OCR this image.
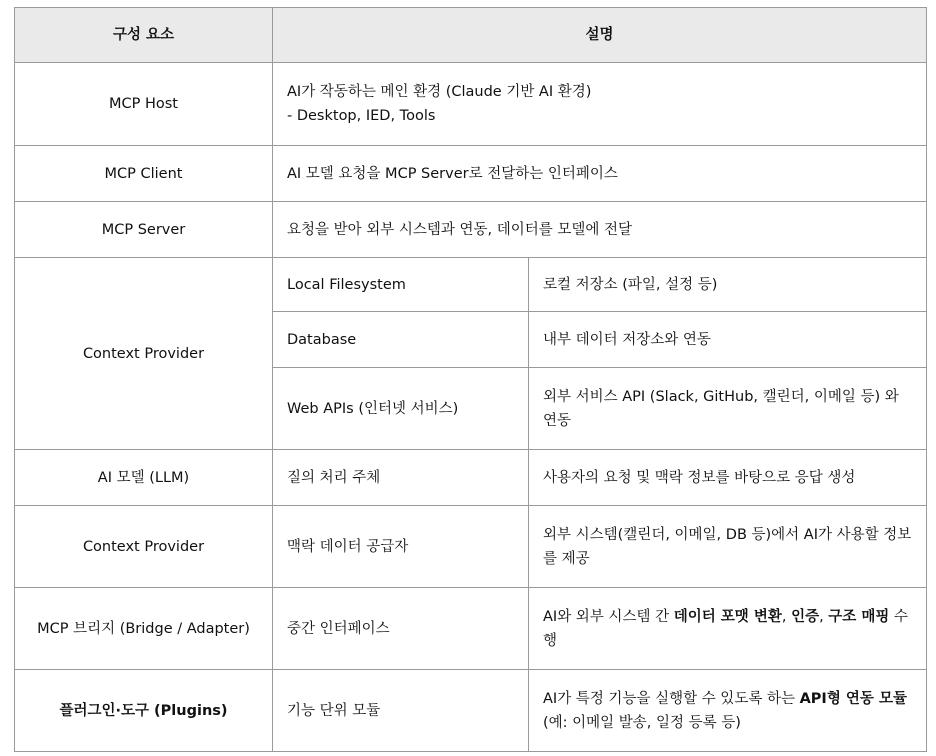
구성 요소	설명	
MCP Host	AI가 작동하는 메인 환경 (Claude 기반 AI 환경)
- Desktop, IED, Tools	

MCP Client	AI 모델 요청을 MCP Server로 전달하는 인터페이스	
MCP Server	요청을 받아 외부 시스템과 연동, 데이터를 모델에 전달	
Context Provider	Local Filesystem	로컬 저장소 (파일, 설정 등)
	Database	내부 데이터 저장소와 연동
	Web APIs (인터넷 서비스)	외부 서비스 API (Slack, GitHub, 캘린더, 이메일 등) 와 연동
AI 모델 (LLM)	질의 처리 주체	사용자의 요청 및 맥락 정보를 바탕으로 응답 생성
Context Provider	맥락 데이터 공급자	외부 시스템(캘린더, 이메일, DB 등)에서 AI가 사용할 정보를 제공
MCP 브리지 (Bridge / Adapter)	중간 인터페이스	AI와 외부 시스템 간 데이터 포맷 변환, 인증, 구조 매핑 수행
플러그인·도구 (Plugins)	기능 단위 모듈	AI가 특정 기능을 실행할 수 있도록 하는 API형 연동 모듈 (예: 이메일 발송, 일정 등록 등)
